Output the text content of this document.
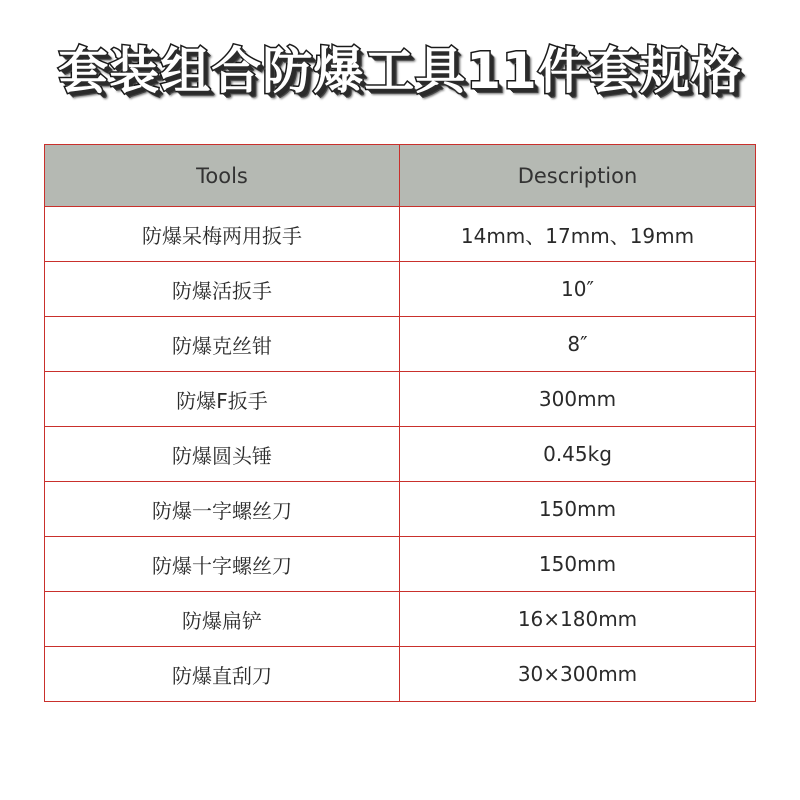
套装组合防爆工具11件套规格
Tools	Description
防爆呆梅两用扳手	14mm、17mm、19mm
防爆活扳手	10″
防爆克丝钳	8″
防爆F扳手	300mm
防爆圆头锤	0.45kg
防爆一字螺丝刀	150mm
防爆十字螺丝刀	150mm
防爆扁铲	16×180mm
防爆直刮刀	30×300mm
